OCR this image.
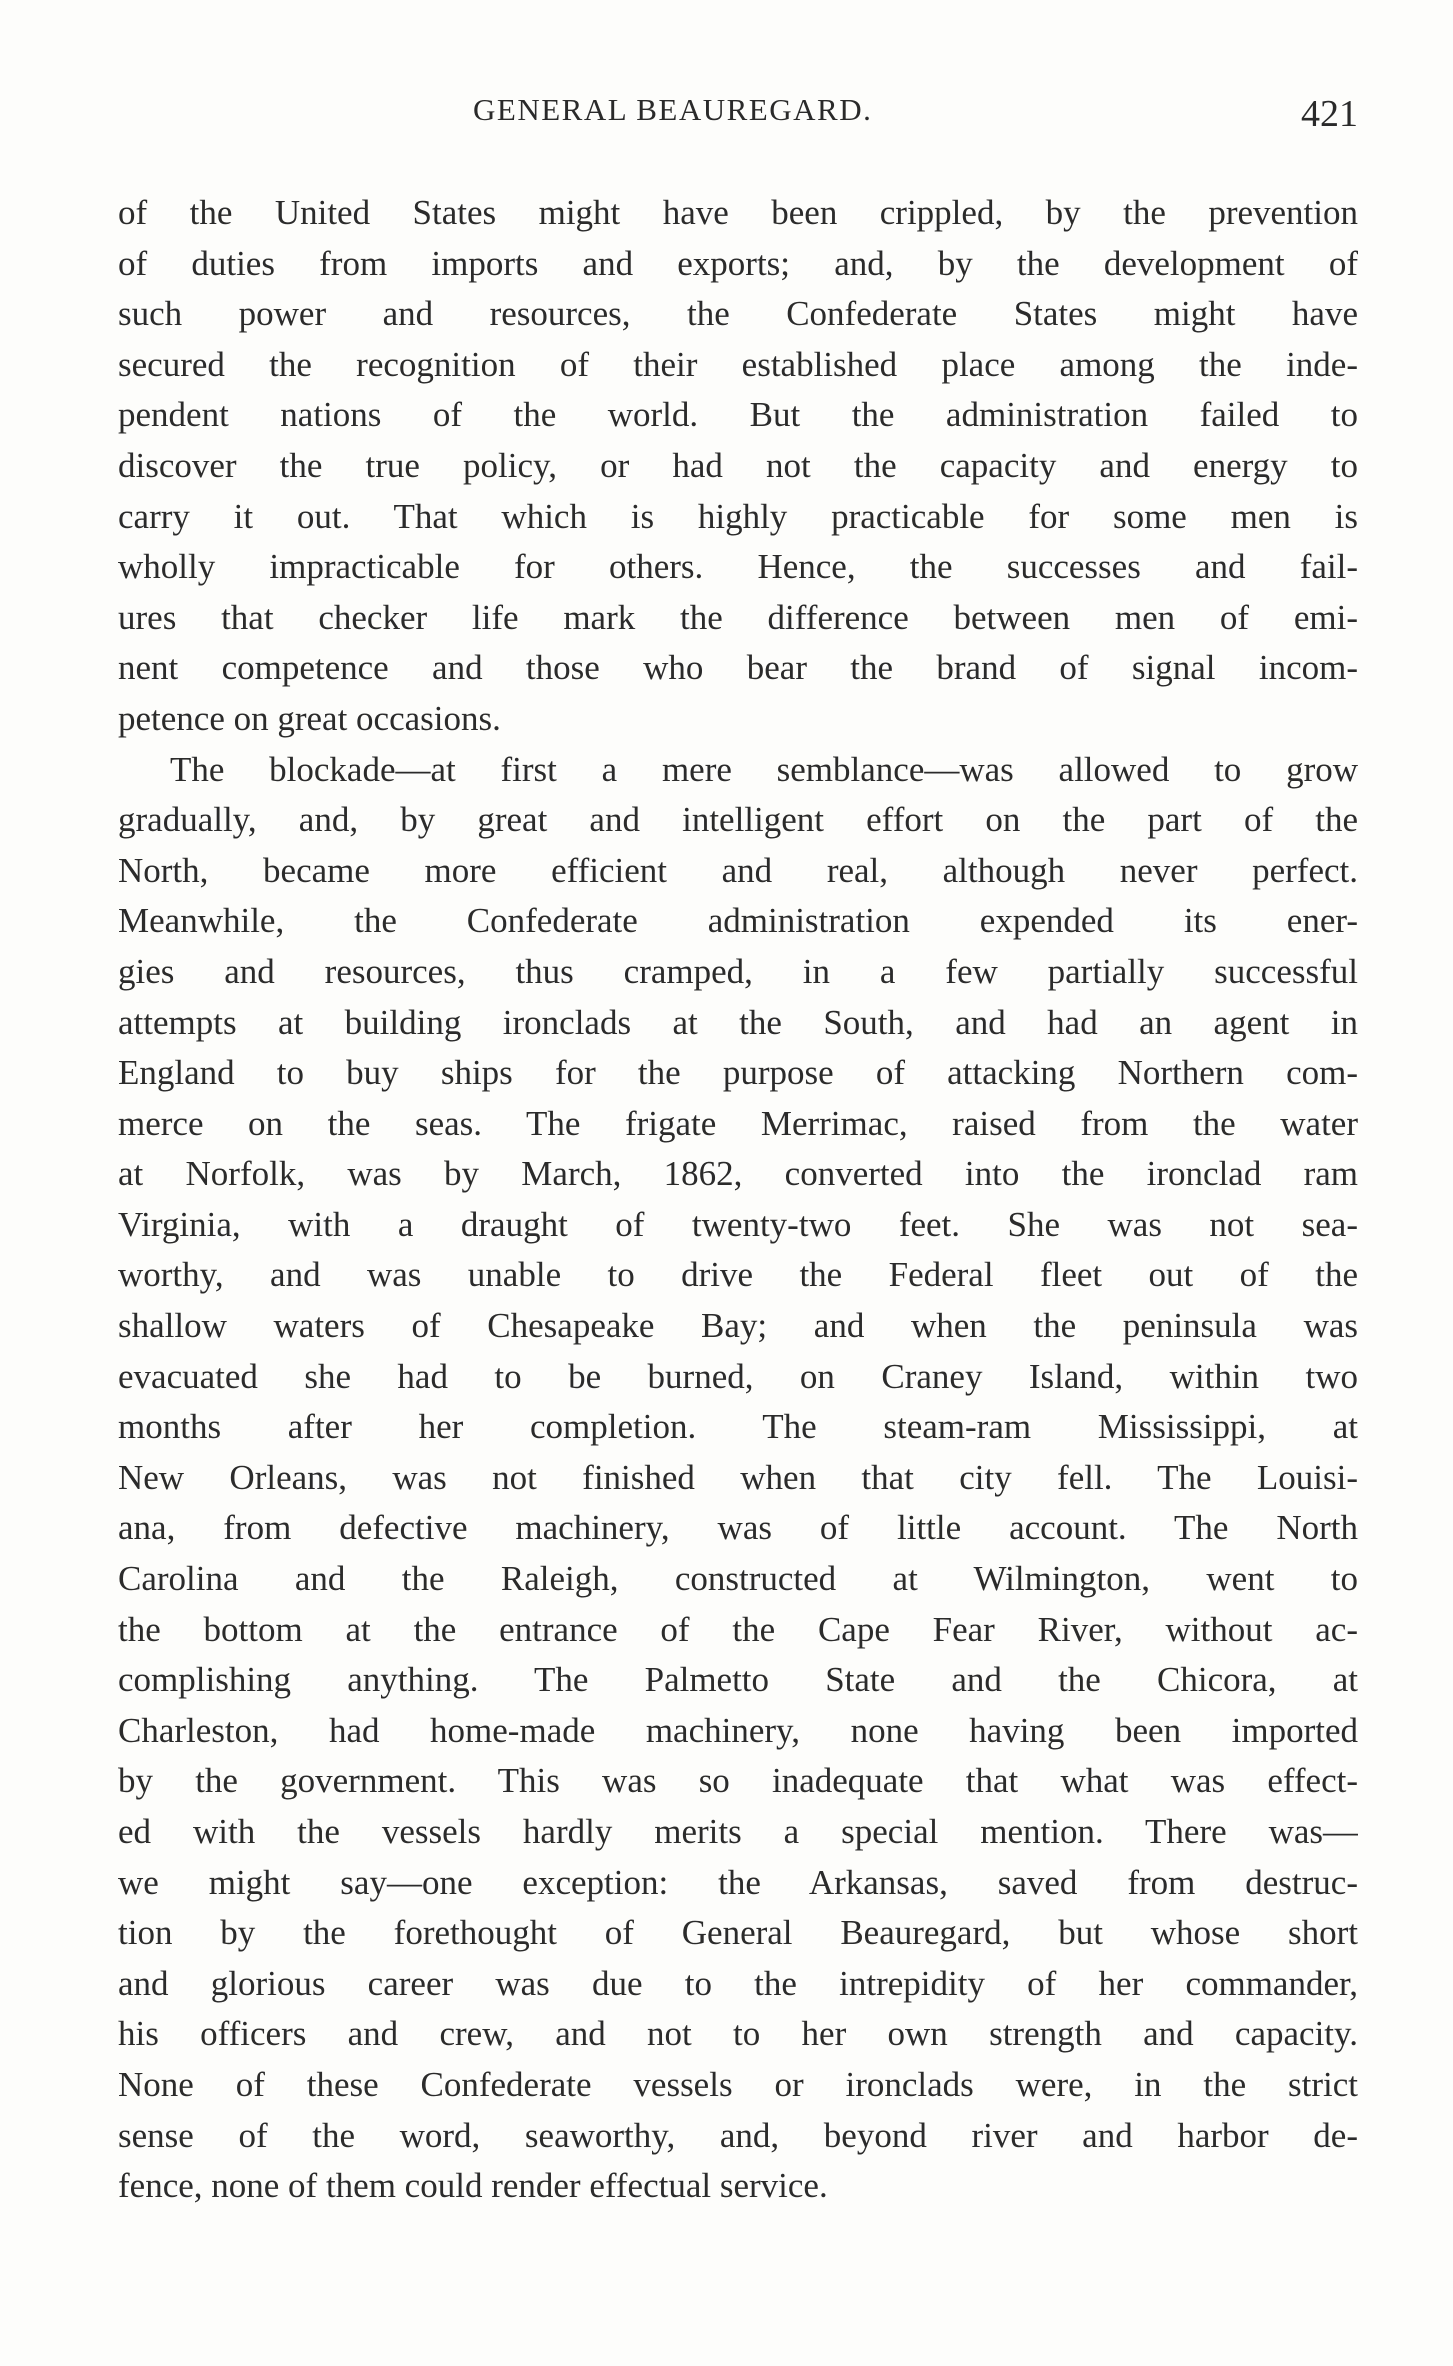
GENERAL BEAUREGARD.	421
of the United States might have been crippled, by the prevention
of duties from imports and exports; and, by the development of
such power and resources, the Confederate States might have
secured the recognition of their established place among the inde-
pendent nations of the world. But the administration failed to
discover the true policy, or had not the capacity and energy to
carry it out. That which is highly practicable for some men is
wholly impracticable for others. Hence, the successes and fail-
ures that checker life mark the difference between men of emi-
nent competence and those who bear the brand of signal incom-
petence on great occasions.
The blockade—at first a mere semblance—was allowed to grow
gradually, and, by great and intelligent effort on the part of the
North, became more efficient and real, although never perfect.
Meanwhile, the Confederate administration expended its ener-
gies and resources, thus cramped, in a few partially successful
attempts at building ironclads at the South, and had an agent in
England to buy ships for the purpose of attacking Northern com-
merce on the seas. The frigate Merrimac, raised from the water
at Norfolk, was by March, 1862, converted into the ironclad ram
Virginia, with a draught of twenty-two feet. She was not sea-
worthy, and was unable to drive the Federal fleet out of the
shallow waters of Chesapeake Bay; and when the peninsula was
evacuated she had to be burned, on Craney Island, within two
months after her completion. The steam-ram Mississippi, at
New Orleans, was not finished when that city fell. The Louisi-
ana, from defective machinery, was of little account. The North
Carolina and the Raleigh, constructed at Wilmington, went to
the bottom at the entrance of the Cape Fear River, without ac-
complishing anything. The Palmetto State and the Chicora, at
Charleston, had home-made machinery, none having been imported
by the government. This was so inadequate that what was effect-
ed with the vessels hardly merits a special mention. There was—
we might say—one exception: the Arkansas, saved from destruc-
tion by the forethought of General Beauregard, but whose short
and glorious career was due to the intrepidity of her commander,
his officers and crew, and not to her own strength and capacity.
None of these Confederate vessels or ironclads were, in the strict
sense of the word, seaworthy, and, beyond river and harbor de-
fence, none of them could render effectual service.
